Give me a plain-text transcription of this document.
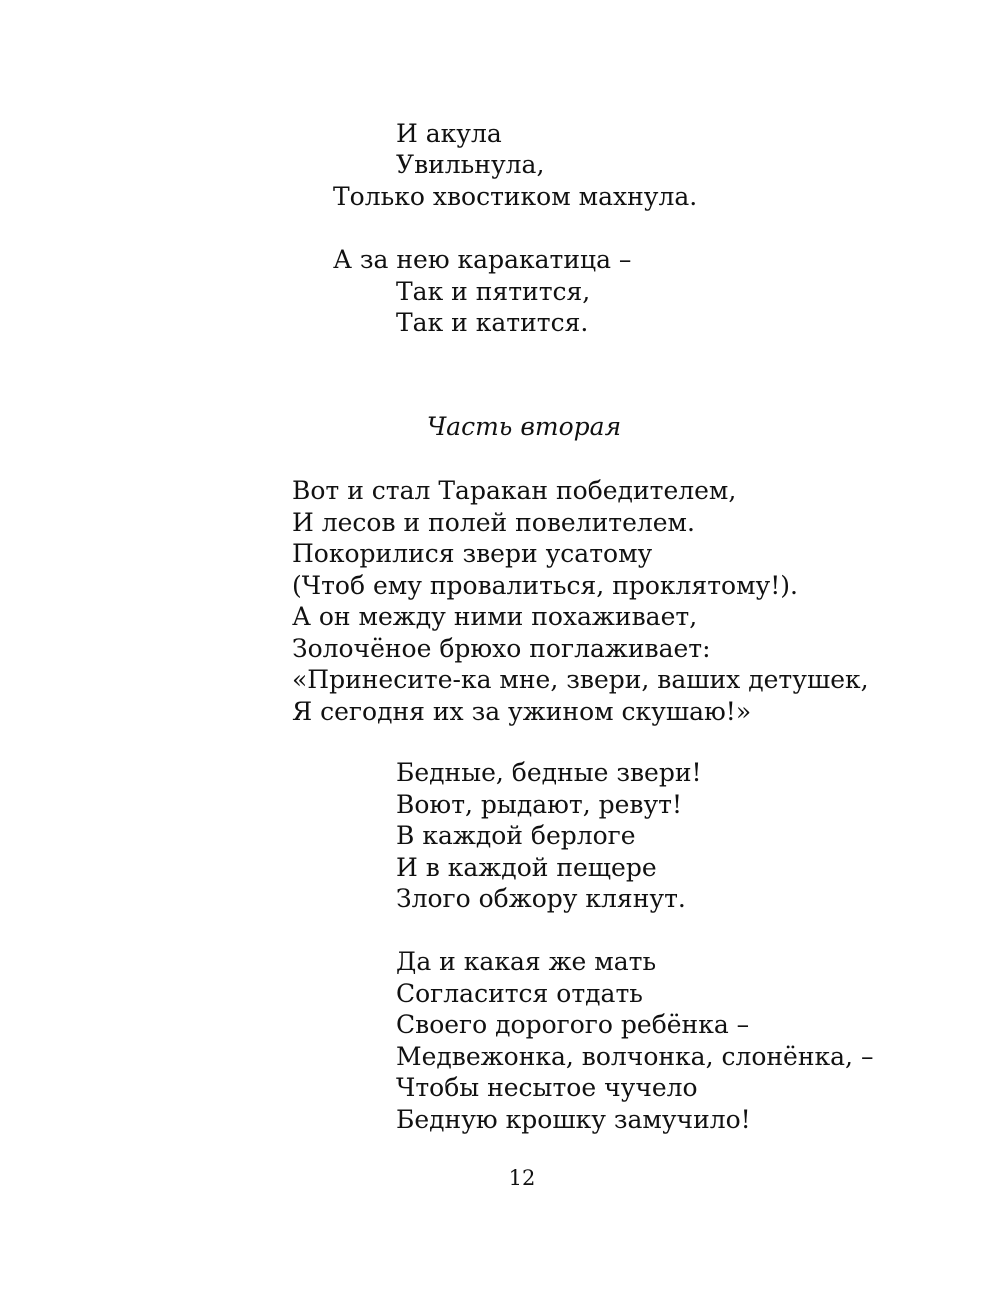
И акула
Увильнула,
Только хвостиком махнула.
А за нею каракатица –
Так и пятится,
Так и катится.
Часть вторая
Вот и стал Таракан победителем,
И лесов и полей повелителем.
Покорилися звери усатому
(Чтоб ему провалиться, проклятому!).
А он между ними похаживает,
Золочёное брюхо поглаживает:
«Принесите-ка мне, звери, ваших детушек,
Я сегодня их за ужином скушаю!»
Бедные, бедные звери!
Воют, рыдают, ревут!
В каждой берлоге
И в каждой пещере
Злого обжору клянут.
Да и какая же мать
Согласится отдать
Своего дорогого ребёнка –
Медвежонка, волчонка, слонёнка, –
Чтобы несытое чучело
Бедную крошку замучило!
12
